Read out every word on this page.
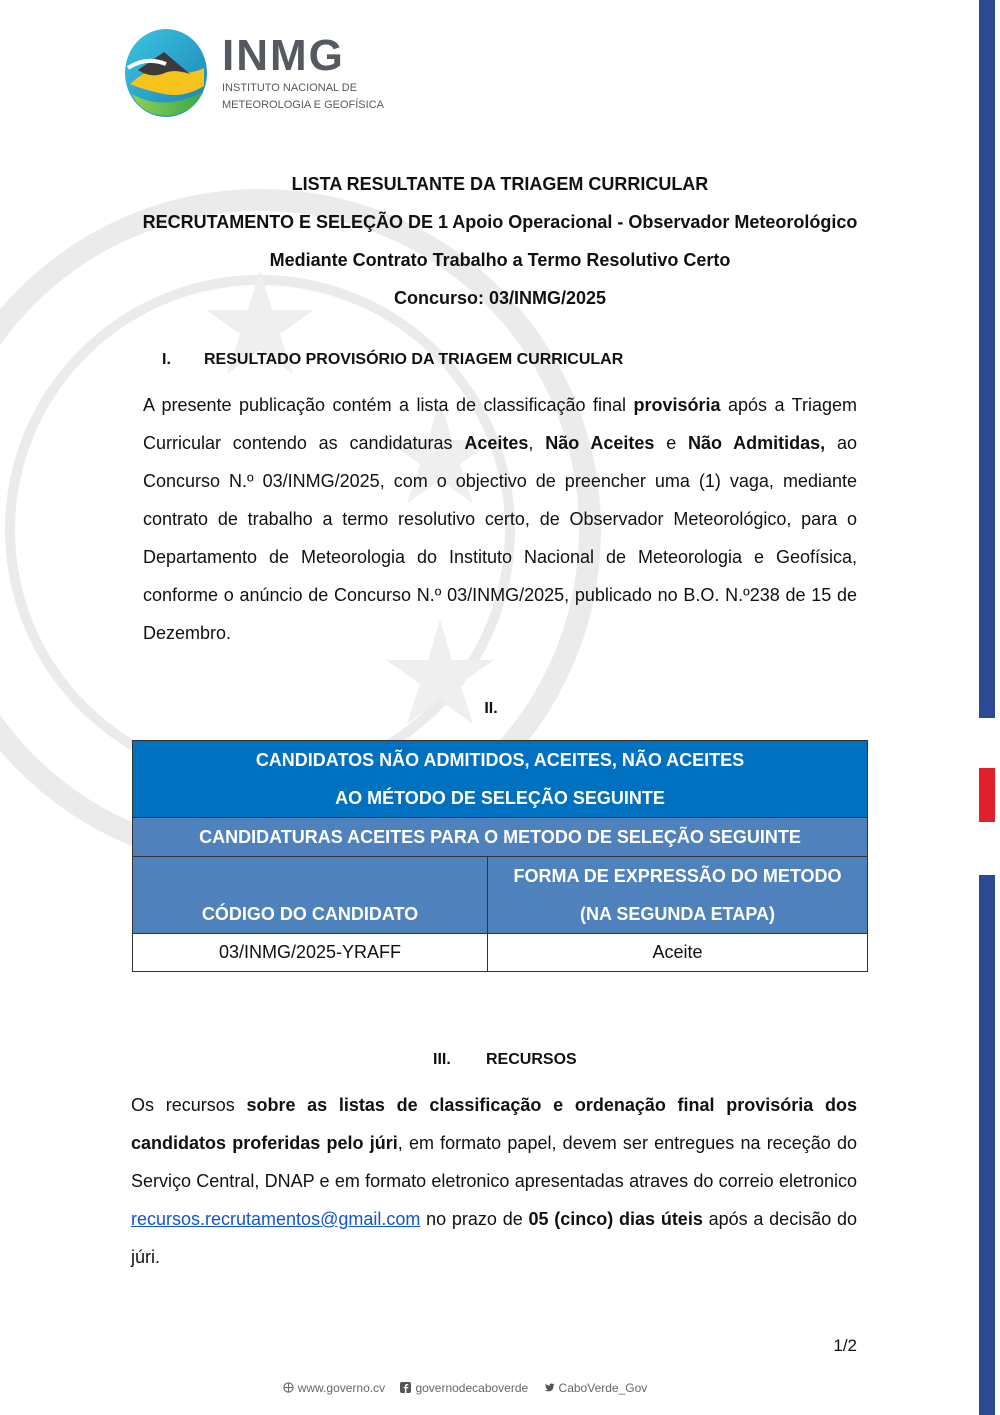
INMG
INSTITUTO NACIONAL DE
METEOROLOGIA E GEOFÍSICA
LISTA RESULTANTE DA TRIAGEM CURRICULAR
RECRUTAMENTO E SELEÇÃO DE 1 Apoio Operacional - Observador Meteorológico
Mediante Contrato Trabalho a Termo Resolutivo Certo
Concurso: 03/INMG/2025
I. RESULTADO PROVISÓRIO DA TRIAGEM CURRICULAR
A presente publicação contém a lista de classificação final provisória após a Triagem Curricular contendo as candidaturas Aceites, Não Aceites e Não Admitidas, ao Concurso N.º 03/INMG/2025, com o objectivo de preencher uma (1) vaga, mediante contrato de trabalho a termo resolutivo certo, de Observador Meteorológico, para o Departamento de Meteorologia do Instituto Nacional de Meteorologia e Geofísica, conforme o anúncio de Concurso N.º 03/INMG/2025, publicado no B.O. N.º238 de 15 de Dezembro.
II.
CANDIDATOS NÃO ADMITIDOS, ACEITES, NÃO ACEITES
AO MÉTODO DE SELEÇÃO SEGUINTE	

CANDIDATURAS ACEITES PARA O METODO DE SELEÇÃO SEGUINTE	
CÓDIGO DO CANDIDATO	FORMA DE EXPRESSÃO DO METODO
(NA SEGUNDA ETAPA)

03/INMG/2025-YRAFF	Aceite
III. RECURSOS
Os recursos sobre as listas de classificação e ordenação final provisória dos candidatos proferidas pelo júri, em formato papel, devem ser entregues na receção do Serviço Central, DNAP e em formato eletronico apresentadas atraves do correio eletronico recursos.recrutamentos@gmail.com no prazo de 05 (cinco) dias úteis após a decisão do júri.
1/2
www.governo.cv	governodecaboverde	CaboVerde_Gov
